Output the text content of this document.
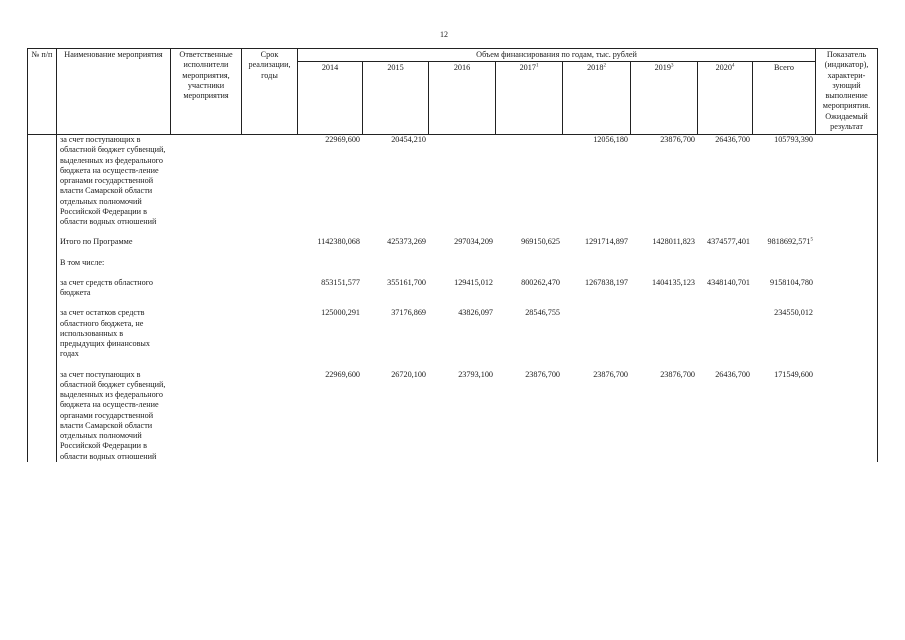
12
№ п/п	Наименование мероприятия	Ответственные исполнители мероприятия, участники мероприятия	Срок реализации, годы	Объем финансирования по годам, тыс. рублей								Показатель (индикатор), характери-зующий выполнение мероприятия. Ожидаемый результат
				2014	2015	2016	2017$^1$	2018$^2$	2019$^3$	2020$^4$	Всего	
	за счет поступающих в областной бюджет субвенций, выделенных из федерального бюджета на осуществ-ление органами государственной власти Самарской области отдельных полномочий Российской Федерации в области водных отношений			22969,600	20454,210			12056,180	23876,700	26436,700	105793,390	

	Итого по Программе			1142380,068	425373,269	297034,209	969150,625	1291714,897	1428011,823	4374577,401	9818692,571$^5$	

	В том числе:											

	за счет средств областного бюджета			853151,577	355161,700	129415,012	800262,470	1267838,197	1404135,123	4348140,701	9158104,780	

	за счет остатков средств областного бюджета, не использованных в предыдущих финансовых годах			125000,291	37176,869	43826,097	28546,755				234550,012	

	за счет поступающих в областной бюджет субвенций, выделенных из федерального бюджета на осуществ-ление органами государственной власти Самарской области отдельных полномочий Российской Федерации в области водных отношений			22969,600	26720,100	23793,100	23876,700	23876,700	23876,700	26436,700	171549,600	
